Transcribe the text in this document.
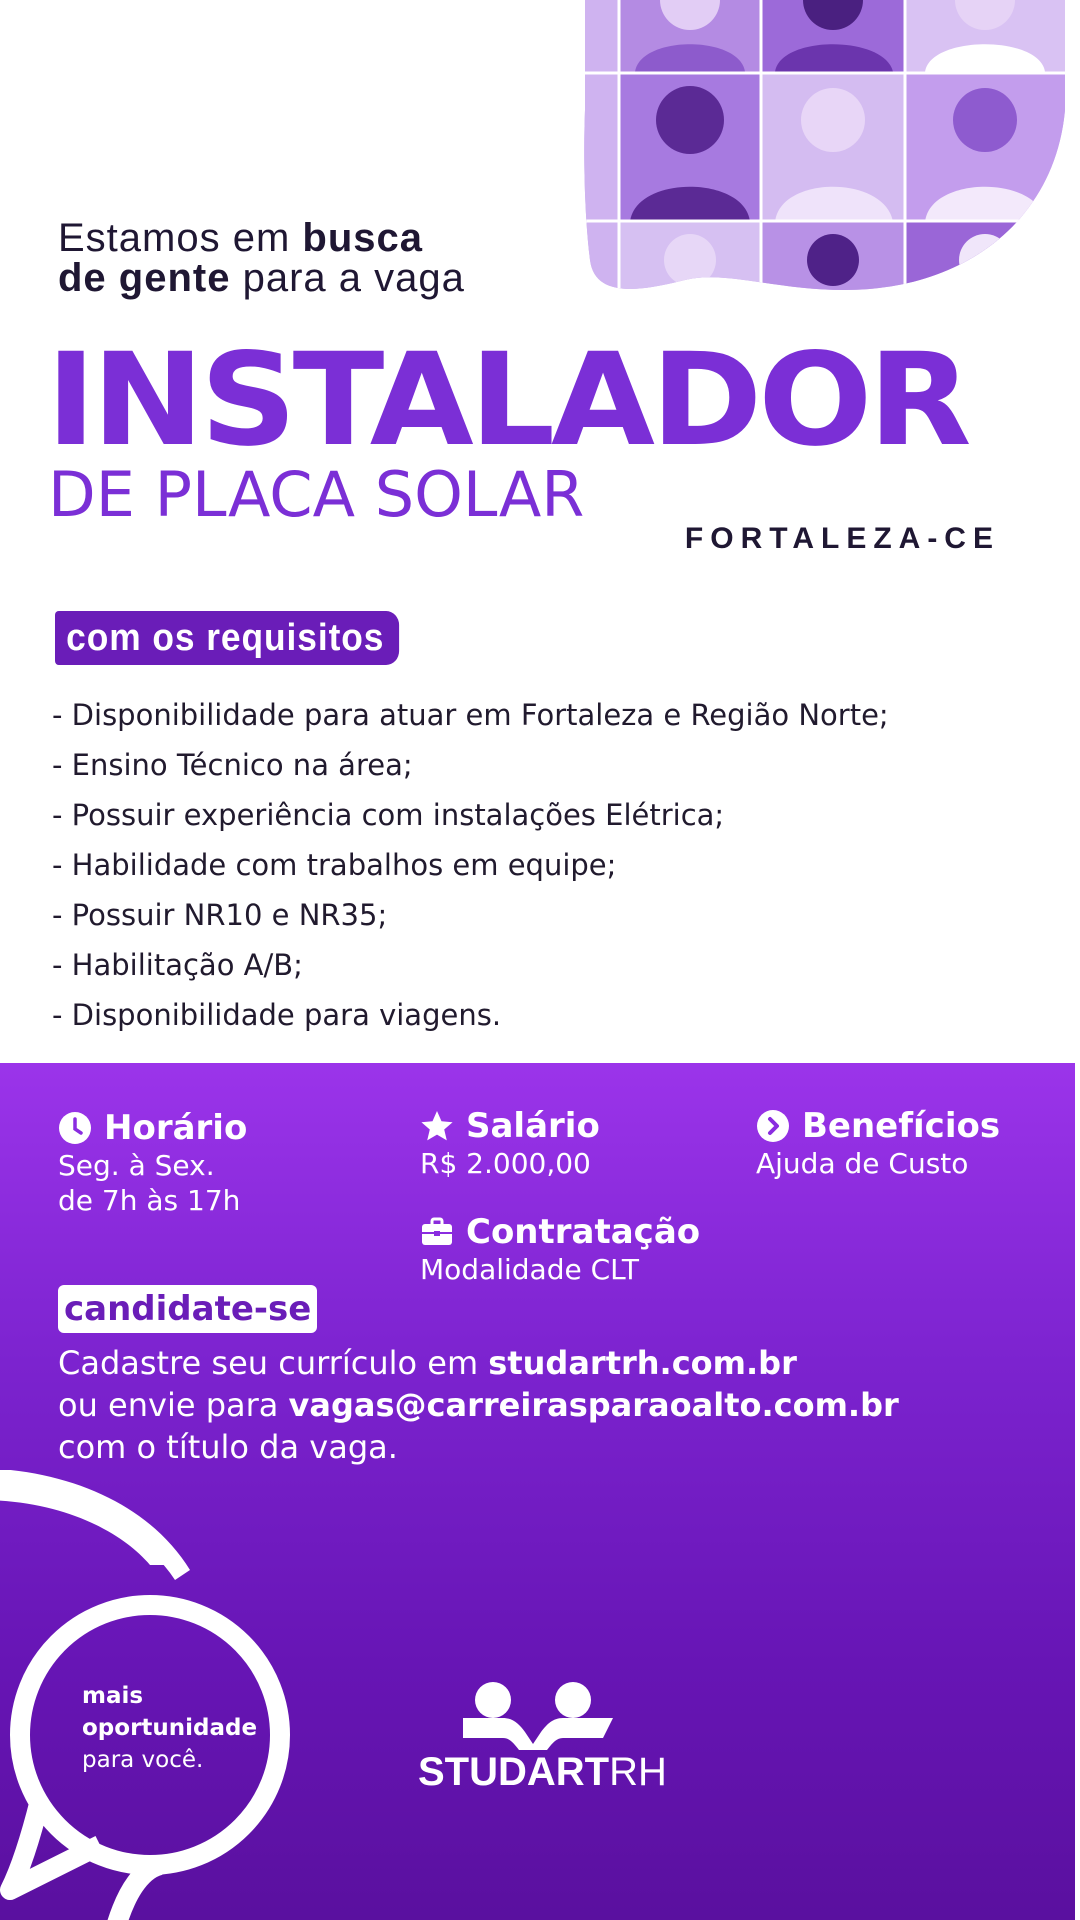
Estamos em busca
de gente para a vaga
INSTALADOR
DE PLACA SOLAR
FORTALEZA-CE
com os requisitos
- Disponibilidade para atuar em Fortaleza e Região Norte;
- Ensino Técnico na área;
- Possuir experiência com instalações Elétrica;
- Habilidade com trabalhos em equipe;
- Possuir NR10 e NR35;
- Habilitação A/B;
- Disponibilidade para viagens.
Horário
Seg. à Sex.
de 7h às 17h
Salário
R$ 2.000,00
Benefícios
Ajuda de Custo
Contratação
Modalidade CLT
candidate-se
Cadastre seu currículo em studartrh.com.br
ou envie para vagas@carreirasparaoalto.com.br
com o título da vaga.
mais
oportunidade
para você.	STUDARTRH
